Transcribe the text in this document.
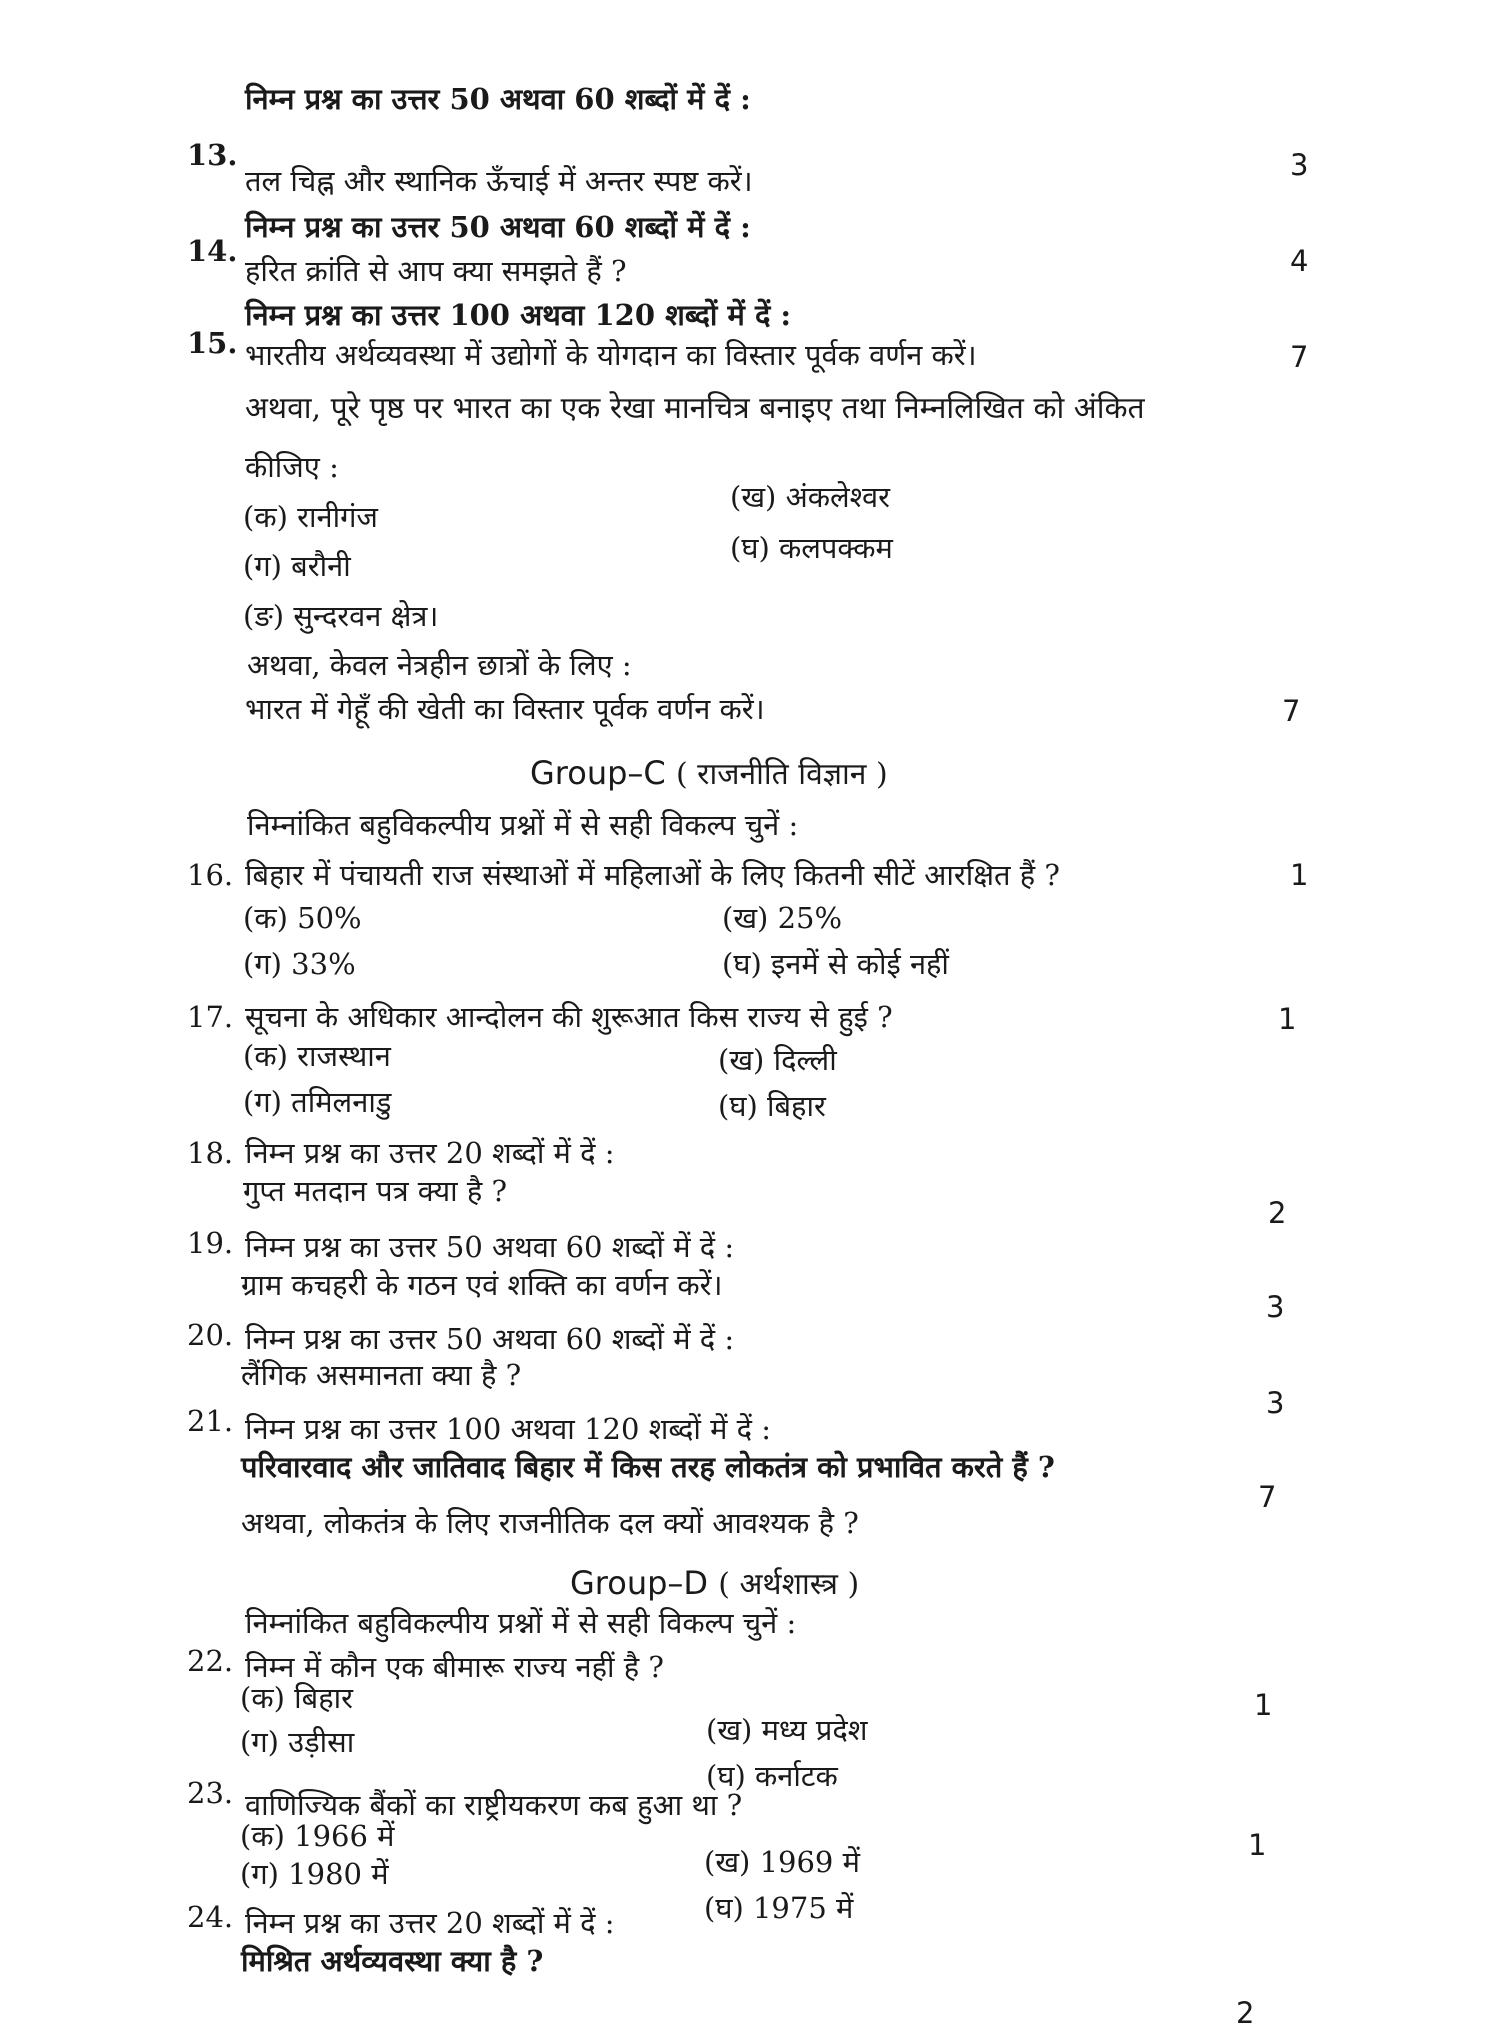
निम्न प्रश्न का उत्तर 50 अथवा 60 शब्दों में दें :
13.
तल चिह्न और स्थानिक ऊँचाई में अन्तर स्पष्ट करें।	3
निम्न प्रश्न का उत्तर 50 अथवा 60 शब्दों में दें :
14.
हरित क्रांति से आप क्या समझते हैं ?	4
निम्न प्रश्न का उत्तर 100 अथवा 120 शब्दों में दें :
15. भारतीय अर्थव्यवस्था में उद्योगों के योगदान का विस्तार पूर्वक वर्णन करें।	7
अथवा, पूरे पृष्ठ पर भारत का एक रेखा मानचित्र बनाइए तथा निम्नलिखित को अंकित
कीजिए :
(क) रानीगंज
(ख) अंकलेश्वर
(ग) बरौनी
(घ) कलपक्कम
(ङ) सुन्दरवन क्षेत्र।
अथवा, केवल नेत्रहीन छात्रों के लिए :
भारत में गेहूँ की खेती का विस्तार पूर्वक वर्णन करें।	7
Group–C ( राजनीति विज्ञान )
निम्नांकित बहुविकल्पीय प्रश्नों में से सही विकल्प चुनें :
16. बिहार में पंचायती राज संस्थाओं में महिलाओं के लिए कितनी सीटें आरक्षित हैं ?	1
(क) 50%	(ख) 25%
(ग) 33%	(घ) इनमें से कोई नहीं
17. सूचना के अधिकार आन्दोलन की शुरूआत किस राज्य से हुई ?	1
(क) राजस्थान	(ख) दिल्ली
(ग) तमिलनाडु	(घ) बिहार
18. निम्न प्रश्न का उत्तर 20 शब्दों में दें :
गुप्त मतदान पत्र क्या है ?
2
19. निम्न प्रश्न का उत्तर 50 अथवा 60 शब्दों में दें :
ग्राम कचहरी के गठन एवं शक्ति का वर्णन करें।
3
20. निम्न प्रश्न का उत्तर 50 अथवा 60 शब्दों में दें :
लैंगिक असमानता क्या है ?
3
21. निम्न प्रश्न का उत्तर 100 अथवा 120 शब्दों में दें :
परिवारवाद और जातिवाद बिहार में किस तरह लोकतंत्र को प्रभावित करते हैं ?
7
अथवा, लोकतंत्र के लिए राजनीतिक दल क्यों आवश्यक है ?
Group–D ( अर्थशास्त्र )
निम्नांकित बहुविकल्पीय प्रश्नों में से सही विकल्प चुनें :
22. निम्न में कौन एक बीमारू राज्य नहीं है ?
1
(क) बिहार
(ख) मध्य प्रदेश
(ग) उड़ीसा
(घ) कर्नाटक
23. वाणिज्यिक बैंकों का राष्ट्रीयकरण कब हुआ था ?
1
(क) 1966 में
(ख) 1969 में
(ग) 1980 में
(घ) 1975 में
24. निम्न प्रश्न का उत्तर 20 शब्दों में दें :
मिश्रित अर्थव्यवस्था क्या है ?
2
